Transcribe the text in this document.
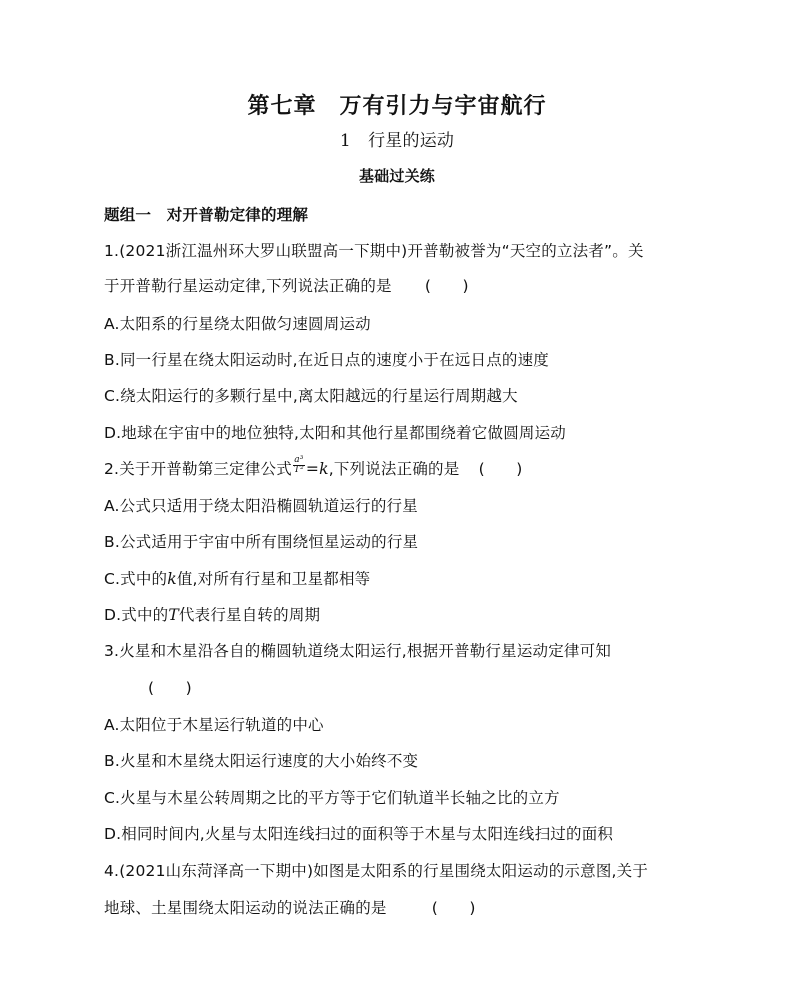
第七章　万有引力与宇宙航行
1　行星的运动
基础过关练
题组一　对开普勒定律的理解
1.(2021浙江温州环大罗山联盟高一下期中)开普勒被誉为“天空的立法者”。关
于开普勒行星运动定律,下列说法正确的是 (　　)
A.太阳系的行星绕太阳做匀速圆周运动
B.同一行星在绕太阳运动时,在近日点的速度小于在远日点的速度
C.绕太阳运行的多颗行星中,离太阳越远的行星运行周期越大
D.地球在宇宙中的地位独特,太阳和其他行星都围绕着它做圆周运动
2.关于开普勒第三定律公式 $\frac{\text{a³}}{\text{T²}} =k$,下列说法正确的是 (　　)
A.公式只适用于绕太阳沿椭圆轨道运行的行星
B.公式适用于宇宙中所有围绕恒星运动的行星
C.式中的k值,对所有行星和卫星都相等
D.式中的T代表行星自转的周期
3.火星和木星沿各自的椭圆轨道绕太阳运行,根据开普勒行星运动定律可知
(　　)
A.太阳位于木星运行轨道的中心
B.火星和木星绕太阳运行速度的大小始终不变
C.火星与木星公转周期之比的平方等于它们轨道半长轴之比的立方
D.相同时间内,火星与太阳连线扫过的面积等于木星与太阳连线扫过的面积
4.(2021山东菏泽高一下期中)如图是太阳系的行星围绕太阳运动的示意图,关于
地球、土星围绕太阳运动的说法正确的是	(　　)
